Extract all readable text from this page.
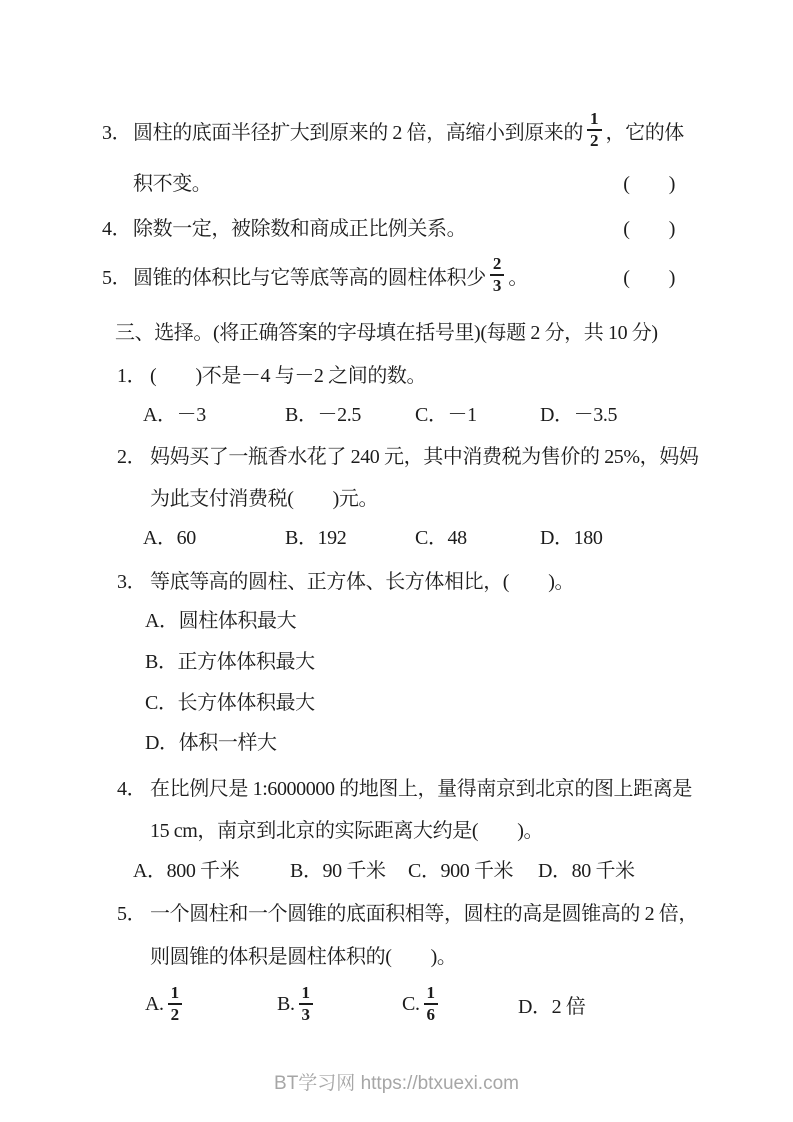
3． 圆柱的底面半径扩大到原来的 2 倍，高缩小到原来的 $\frac{1}{2}$ ，它的体
积不变。	(　　)
4． 除数一定，被除数和商成正比例关系。	(　　)
5． 圆锥的体积比与它等底等高的圆柱体积少 $\frac{2}{3}$ 。	(　　)
三、选择。(将正确答案的字母填在括号里)(每题 2 分，共 10 分)
1． (　　)不是－4 与－2 之间的数。
A．－3	B．－2.5	C．－1	D．－3.5
2． 妈妈买了一瓶香水花了 240 元，其中消费税为售价的 25%，妈妈
为此支付消费税(　　)元。
A．60	B．192	C．48	D．180
3． 等底等高的圆柱、正方体、长方体相比，(　　)。
A．圆柱体积最大
B．正方体体积最大
C．长方体体积最大
D．体积一样大
4． 在比例尺是 1:6000000 的地图上，量得南京到北京的图上距离是
15 cm，南京到北京的实际距离大约是(　　)。
A．800 千米	B．90 千米	C．900 千米	D．80 千米
5． 一个圆柱和一个圆锥的底面积相等，圆柱的高是圆锥高的 2 倍，
则圆锥的体积是圆柱体积的(　　)。
A. $\frac{1}{2}$	B. $\frac{1}{3}$	C. $\frac{1}{6}$	D．2 倍
BT学习网 https://btxuexi.com
